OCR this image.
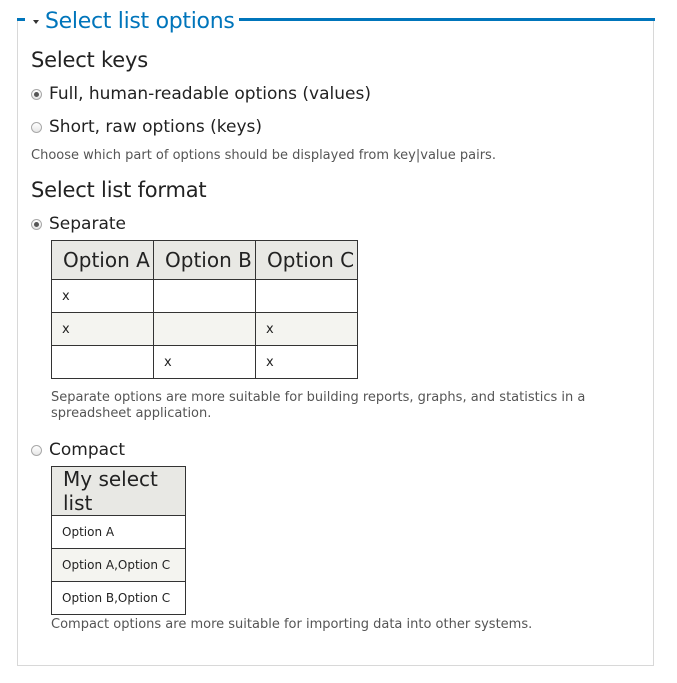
Select list options
Select keys
Full, human-readable options (values)
Short, raw options (keys)
Choose which part of options should be displayed from key|value pairs.
Select list format
Separate
Option A	Option B	Option C
x		
x		x
	x	x
Separate options are more suitable for building reports, graphs, and statistics in a spreadsheet application.
Compact
My select list
Option A
Option A,Option C
Option B,Option C
Compact options are more suitable for importing data into other systems.
